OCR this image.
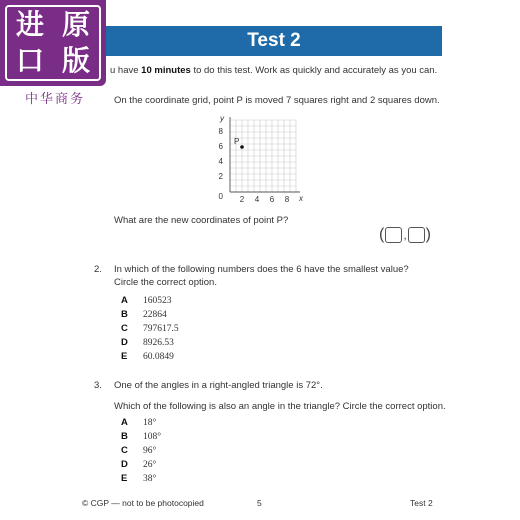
进 原
口 版
中华商务
Test 2
u have 10 minutes to do this test. Work as quickly and accurately as you can.
On the coordinate grid, point P is moved 7 squares right and 2 squares down.
y
8
6
4
2
0 2 4 6 8 x
P
What are the new coordinates of point P?
( , )
2. In which of the following numbers does the 6 have the smallest value?
Circle the correct option.
A 160523
B 22864
C 797617.5
D 8926.53
E 60.0849
3. One of the angles in a right-angled triangle is 72°.
Which of the following is also an angle in the triangle? Circle the correct option.
A 18°
B 108°
C 96°
D 26°
E 38°
© CGP — not to be photocopied	5	Test 2
